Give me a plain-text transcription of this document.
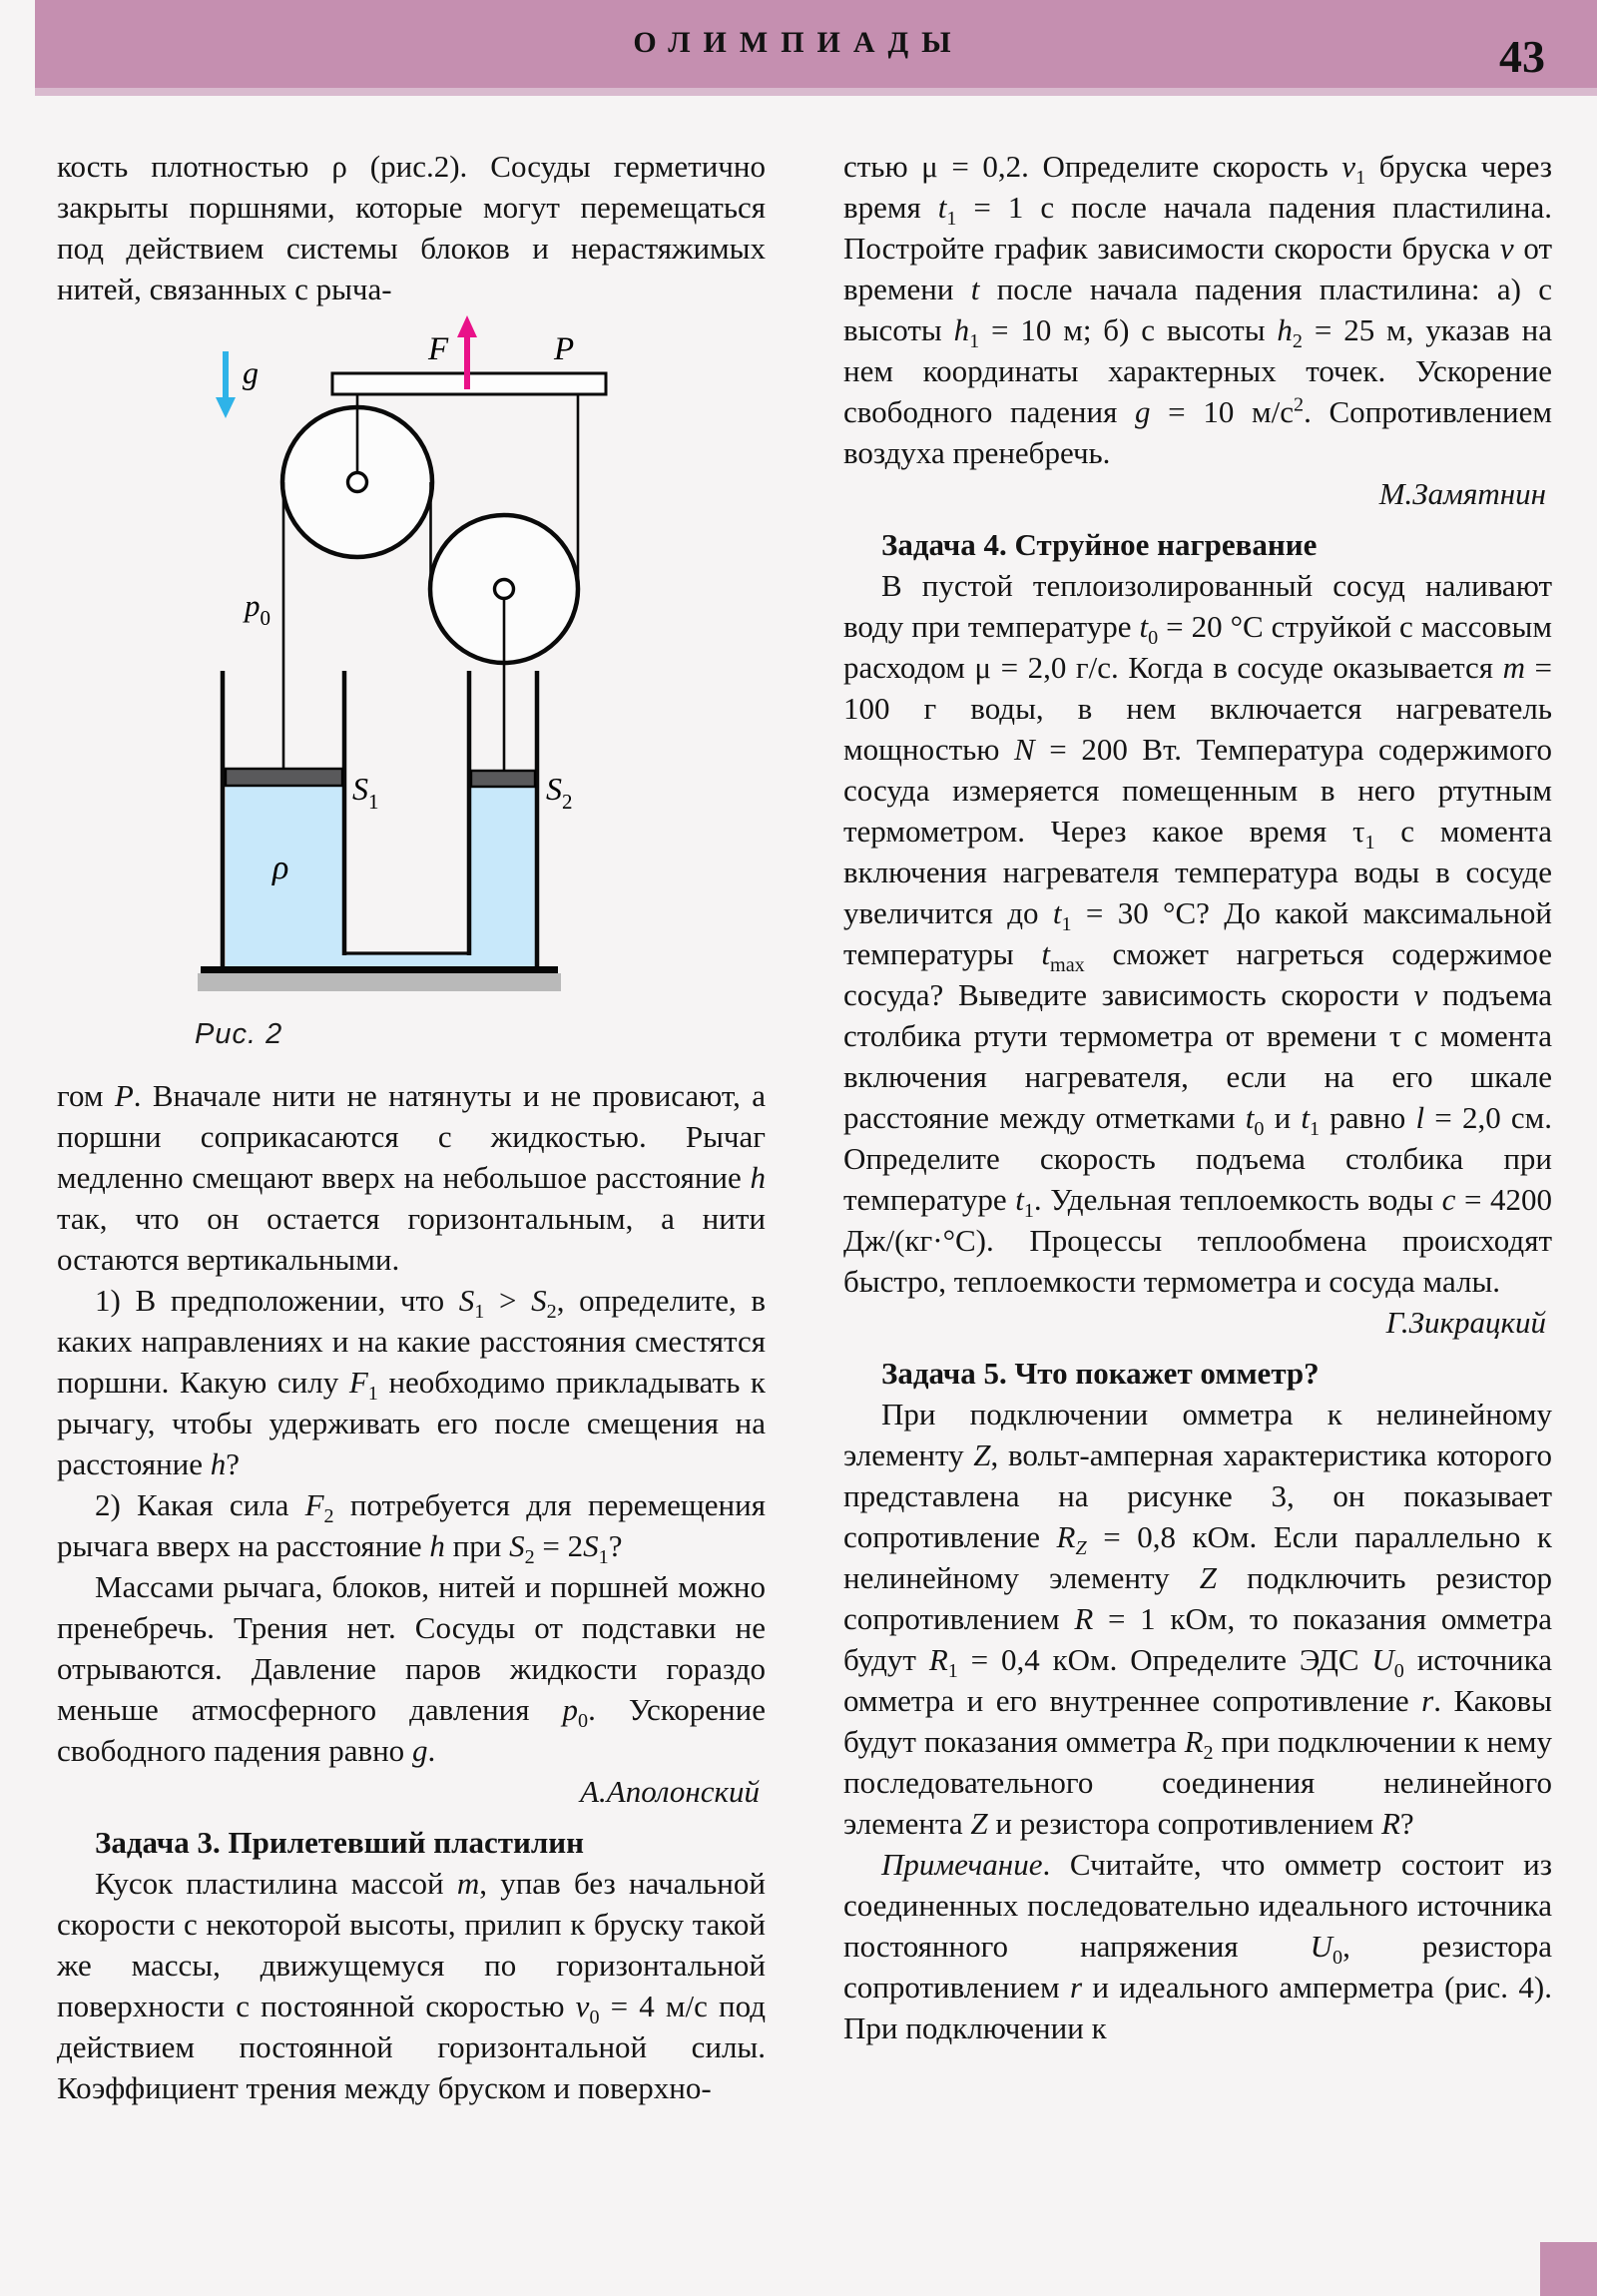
ОЛИМПИАДЫ	43

кость плотностью ρ (рис.2). Сосуды герметично закрыты поршнями, которые могут перемещаться под действием системы блоков и нерастяжимых нитей, связанных с рыча-

g
F	P
$p_0$
$S_1$	$S_2$
ρ
Рис. 2

гом P. Вначале нити не натянуты и не провисают, а поршни соприкасаются с жидкостью. Рычаг медленно смещают вверх на небольшое расстояние h так, что он остается горизонтальным, а нити остаются вертикальными.

1) В предположении, что $S_1 > S_2$, определите, в каких направлениях и на какие расстояния сместятся поршни. Какую силу $F_1$ необходимо прикладывать к рычагу, чтобы удерживать его после смещения на расстояние h?

2) Какая сила $F_2$ потребуется для перемещения рычага вверх на расстояние h при $S_2 = 2S_1$?

Массами рычага, блоков, нитей и поршней можно пренебречь. Трения нет. Сосуды от подставки не отрываются. Давление паров жидкости гораздо меньше атмосферного давления $p_0$. Ускорение свободного падения равно g.

А.Аполонский

Задача 3. Прилетевший пластилин

Кусок пластилина массой m, упав без начальной скорости с некоторой высоты, прилип к бруску такой же массы, движущемуся по горизонтальной поверхности с постоянной скоростью $v_0 = 4$ м/с под действием постоянной горизонтальной силы. Коэффициент трения между бруском и поверхно-

стью μ = 0,2. Определите скорость $v_1$ бруска через время $t_1 = 1$ с после начала падения пластилина. Постройте график зависимости скорости бруска v от времени t после начала падения пластилина: а) с высоты $h_1 = 10$ м; б) с высоты $h_2 = 25$ м, указав на нем координаты характерных точек. Ускорение свободного падения g = 10 $м/с^2$. Сопротивлением воздуха пренебречь.

М.Замятнин

Задача 4. Струйное нагревание

В пустой теплоизолированный сосуд наливают воду при температуре $t_0 = 20$ °С струйкой с массовым расходом μ = 2,0 г/с. Когда в сосуде оказывается m = 100 г воды, в нем включается нагреватель мощностью N = 200 Вт. Температура содержимого сосуда измеряется помещенным в него ртутным термометром. Через какое время $\tau_1$ с момента включения нагревателя температура воды в сосуде увеличится до $t_1 = 30$ °С? До какой максимальной температуры $t_{max}$ сможет нагреться содержимое сосуда? Выведите зависимость скорости v подъема столбика ртути термометра от времени τ с момента включения нагревателя, если на его шкале расстояние между отметками $t_0$ и $t_1$ равно l = 2,0 см. Определите скорость подъема столбика при температуре $t_1$. Удельная теплоемкость воды c = 4200 Дж/(кг·°С). Процессы теплообмена происходят быстро, теплоемкости термометра и сосуда малы.

Г.Зикрацкий

Задача 5. Что покажет омметр?

При подключении омметра к нелинейному элементу Z, вольт-амперная характеристика которого представлена на рисунке 3, он показывает сопротивление $R_Z = 0,8$ кОм. Если параллельно к нелинейному элементу Z подключить резистор сопротивлением R = 1 кОм, то показания омметра будут $R_1 = 0,4$ кОм. Определите ЭДС $U_0$ источника омметра и его внутреннее сопротивление r. Каковы будут показания омметра $R_2$ при подключении к нему последовательного соединения нелинейного элемента Z и резистора сопротивлением R?

Примечание. Считайте, что омметр состоит из соединенных последовательно идеального источника постоянного напряжения $U_0$, резистора сопротивлением r и идеального амперметра (рис. 4). При подключении к
